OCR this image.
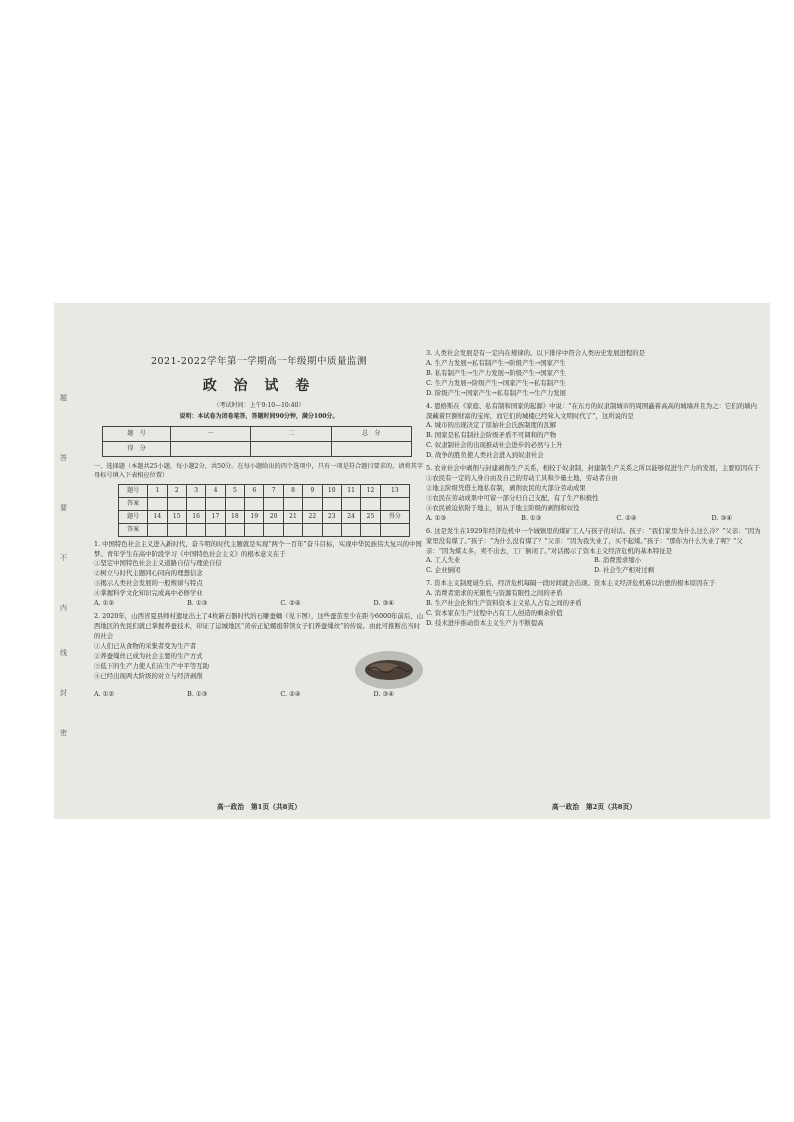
题
答
要
不
内
线
封
密
2021-2022学年第一学期高一年级期中质量监测
政 治 试 卷
（考试时间：上午9:10—10:40）
说明：本试卷为闭卷笔答，答题时间90分钟，满分100分。
题　号	一	二	总　分
得　分			
一、选择题（本题共25小题，每小题2分，共50分。在每小题给出的四个选项中，只有一项是符合题目要求的，请将其字母标号填入下表相应位置）
题号	1	2	3	4	5	6	7	8	9	10	11	12	13
答案													
题号	14	15	16	17	18	19	20	21	22	23	24	25	得分
答案													
1. 中国特色社会主义进入新时代，奋斗明的时代主题就是实现“两个一百年”奋斗目标，实现中华民族伟大复兴的中国梦。青年学生在高中阶段学习《中国特色社会主义》的根本意义在于
①坚定中国特色社会主义道路自信与理论自信
②树立与时代主题同心同向的理想信念
③揭示人类社会发展的一般规律与特点
④掌握科学文化知识完成高中必修学业
A. ①②	B. ①③	C. ②④	D. ③④
2. 2020年，山西省夏县师村遗址出土了4枚新石器时代的石雕蚕蛹（见下图），这些蚕茧至少在距今6000年前后，山西地区的先民们就已掌握养蚕技术，印证了运城地区“黄帝正妃嫘祖带领女子们养蚕缫丝”的传说。由此可推断出当时的社会
①人们已从食物的采集者变为生产者
②养蚕缫丝已成为社会主要的生产方式
③低下的生产力使人们在生产中平等互助
④已经出现两大阶级的对立与经济剥削
A. ①②	B. ①③	C. ②④	D. ③④
高一政治　第1页（共8页）
3. 人类社会发展是有一定内在规律的。以下排序中符合人类历史发展进程的是
A. 生产力发展→私有制产生→阶级产生→国家产生
B. 私有制产生→生产力发展→阶级产生→国家产生
C. 生产力发展→阶级产生→国家产生→私有制产生
D. 阶级产生→国家产生→私有制产生→生产力发展
4. 恩格斯在《家庭、私有制和国家的起源》中说：“在东方的奴隶制城市的周围矗着高高的城墙并且为之：它们的墙内深藏着巨额财富的宝库，而它们的城楼已经耸入文明时代了”，这所说的是
A. 城市的出现决定了原始社会氏族制度的瓦解
B. 国家是私有制社会阶级矛盾不可调和的产物
C. 奴隶制社会的出现推动社会进步的必然与上升
D. 战争的胜负使人类社会进入到奴隶社会
5. 农业社会中剥削与封建剥削生产关系，相较于奴隶制，封建制生产关系之所以能够促进生产力的发展，主要原因在于
①农民有一定的人身自由及自己的劳动工具和少量土地，劳动者自由
②地主阶级凭借土地私有制，剥削农民的大部分劳动成果
③农民在劳动成果中可留一部分归自己支配，有了生产积极性
④农民被迫依附于地主，屈从于地主阶级的剥削和奴役
A. ①③	B. ①③	C. ②④	D. ③④
6. 这是发生在1929年经济危机中一个城镇里的煤矿工人与孩子的对话。孩子：“我们家里为什么这么冷？”父亲：“因为家里没有煤了。”孩子：“为什么没有煤了？”父亲：“因为我失业了，买不起煤。”孩子：“那你为什么失业了呢？”父亲：“因为煤太多，卖不出去，工厂倒闭了。”对话揭示了资本主义经济危机的基本特征是
A. 工人失业	B. 消费需求缩小
C. 企业倒闭	D. 社会生产相对过剩
7. 资本主义制度诞生后，经济危机每隔一段时间就会出现。资本主义经济危机难以治愈的根本原因在于
A. 消费者需求的无限性与资源有限性之间的矛盾
B. 生产社会化和生产资料资本主义私人占有之间的矛盾
C. 资本家在生产过程中占有工人创造的剩余价值
D. 技术进步推动资本主义生产力不断提高
高一政治　第2页（共8页）
